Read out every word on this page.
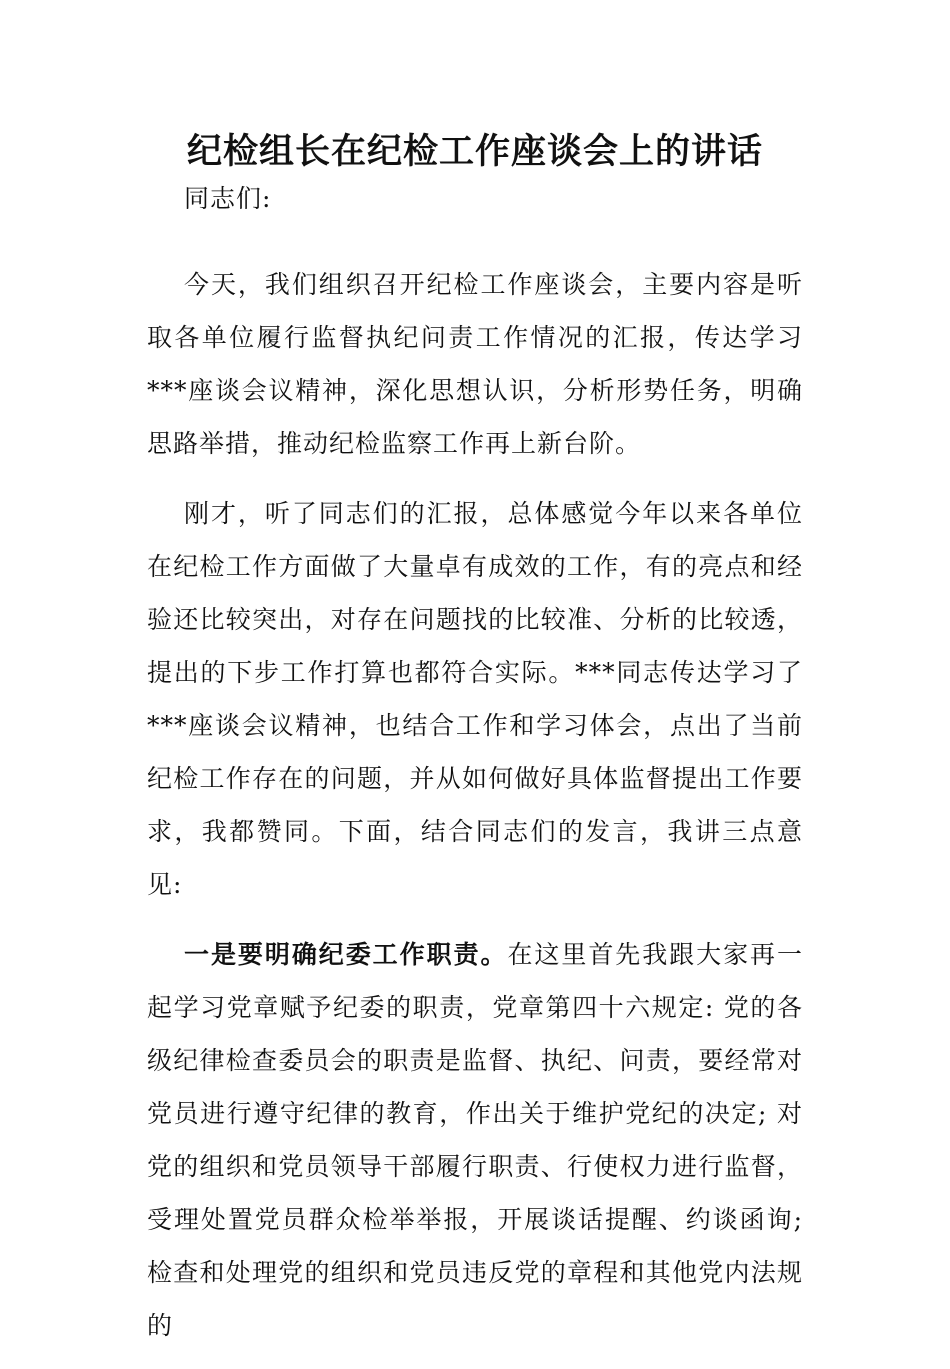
纪检组长在纪检工作座谈会上的讲话

同志们:

今天，我们组织召开纪检工作座谈会，主要内容是听取各单位履行监督执纪问责工作情况的汇报，传达学习***座谈会议精神，深化思想认识，分析形势任务，明确思路举措，推动纪检监察工作再上新台阶。

刚才，听了同志们的汇报，总体感觉今年以来各单位在纪检工作方面做了大量卓有成效的工作，有的亮点和经验还比较突出，对存在问题找的比较准、分析的比较透，提出的下步工作打算也都符合实际。***同志传达学习了***座谈会议精神，也结合工作和学习体会，点出了当前纪检工作存在的问题，并从如何做好具体监督提出工作要求，我都赞同。下面，结合同志们的发言，我讲三点意见:

一是要明确纪委工作职责。在这里首先我跟大家再一起学习党章赋予纪委的职责，党章第四十六规定: 党的各级纪律检查委员会的职责是监督、执纪、问责，要经常对党员进行遵守纪律的教育，作出关于维护党纪的决定; 对党的组织和党员领导干部履行职责、行使权力进行监督，受理处置党员群众检举举报，开展谈话提醒、约谈函询; 检查和处理党的组织和党员违反党的章程和其他党内法规的
